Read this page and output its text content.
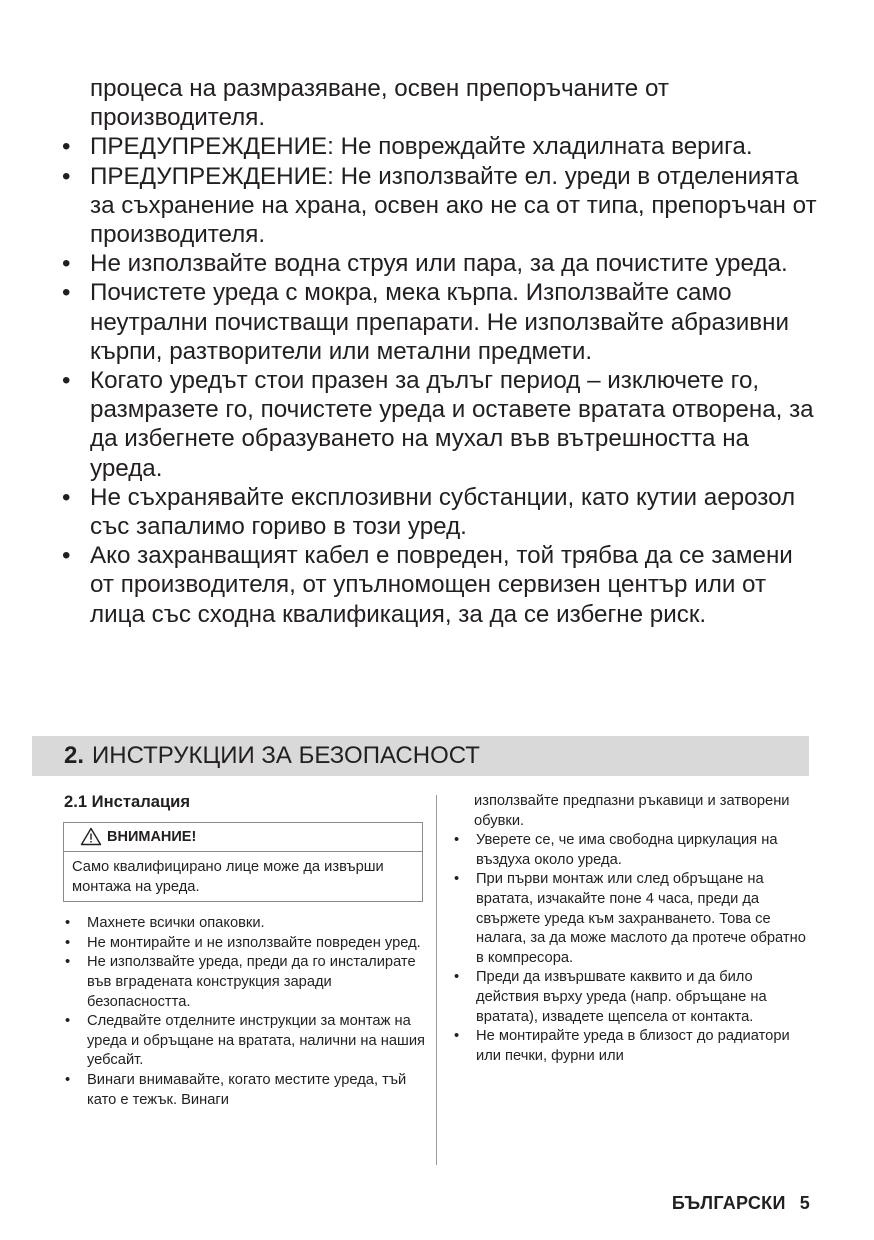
процеса на размразяване, освен препоръчаните от производителя.
• ПРЕДУПРЕЖДЕНИЕ: Не повреждайте хладилната верига.
• ПРЕДУПРЕЖДЕНИЕ: Не използвайте ел. уреди в отделенията за съхранение на храна, освен ако не са от типа, препоръчан от производителя.
• Не използвайте водна струя или пара, за да почистите уреда.
• Почистете уреда с мокра, мека кърпа. Използвайте само неутрални почистващи препарати. Не използвайте абразивни кърпи, разтворители или метални предмети.
• Когато уредът стои празен за дълъг период – изключете го, размразете го, почистете уреда и оставете вратата отворена, за да избегнете образуването на мухал във вътрешността на уреда.
• Не съхранявайте експлозивни субстанции, като кутии аерозол със запалимо гориво в този уред.
• Ако захранващият кабел е повреден, той трябва да се замени от производителя, от упълномощен сервизен център или от лица със сходна квалификация, за да се избегне риск.
2. ИНСТРУКЦИИ ЗА БЕЗОПАСНОСТ
2.1 Инсталация
ВНИМАНИЕ!
Само квалифицирано лице може да извърши монтажа на уреда.
• Махнете всички опаковки.
• Не монтирайте и не използвайте повреден уред.
• Не използвайте уреда, преди да го инсталирате във вградената конструкция заради безопасността.
• Следвайте отделните инструкции за монтаж на уреда и обръщане на вратата, налични на нашия уебсайт.
• Винаги внимавайте, когато местите уреда, тъй като е тежък. Винаги
използвайте предпазни ръкавици и затворени обувки.
• Уверете се, че има свободна циркулация на въздуха около уреда.
• При първи монтаж или след обръщане на вратата, изчакайте поне 4 часа, преди да свържете уреда към захранването. Това се налага, за да може маслото да протече обратно в компресора.
• Преди да извършвате каквито и да било действия върху уреда (напр. обръщане на вратата), извадете щепсела от контакта.
• Не монтирайте уреда в близост до радиатори или печки, фурни или
БЪЛГАРСКИ 5
